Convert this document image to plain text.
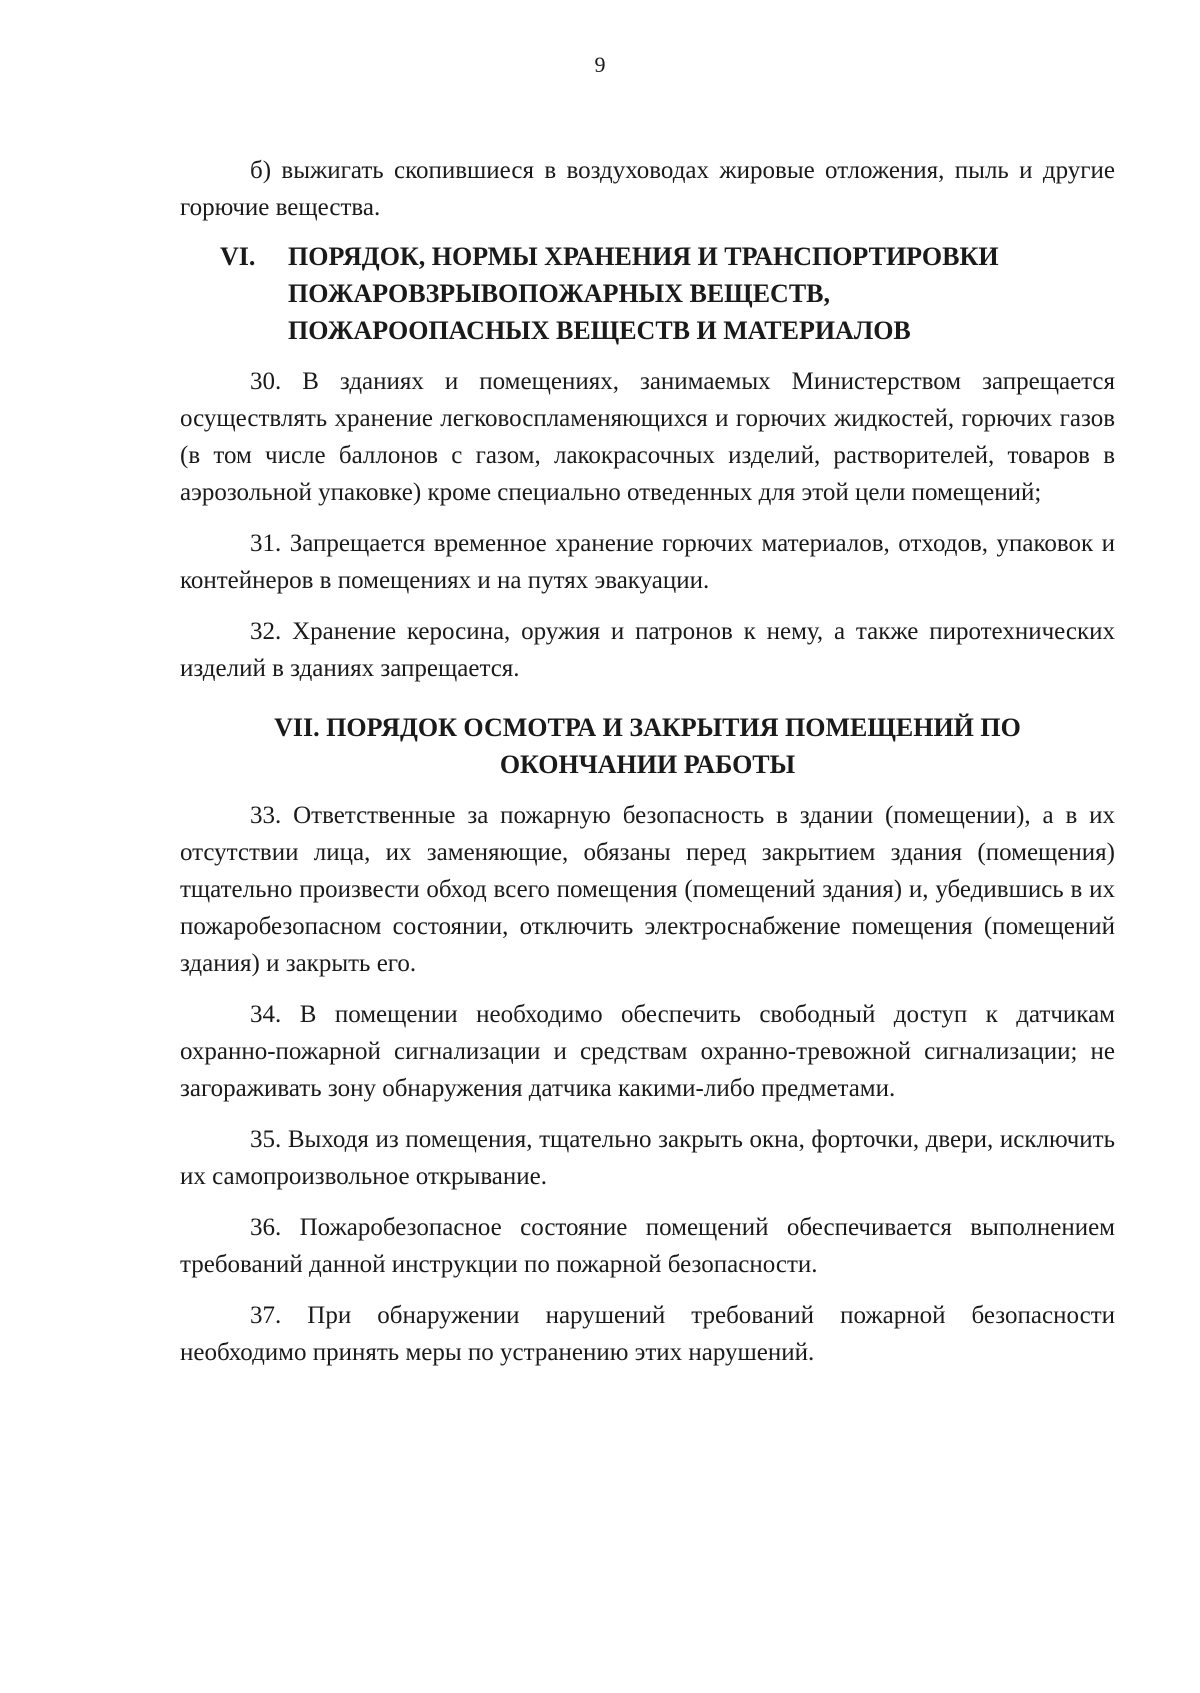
9

б) выжигать скопившиеся в воздуховодах жировые отложения, пыль и другие горючие вещества.

VI.	ПОРЯДОК, НОРМЫ ХРАНЕНИЯ И ТРАНСПОРТИРОВКИ
ПОЖАРОВЗРЫВОПОЖАРНЫХ ВЕЩЕСТВ,
ПОЖАРООПАСНЫХ ВЕЩЕСТВ И МАТЕРИАЛОВ

30. В зданиях и помещениях, занимаемых Министерством запрещается осуществлять хранение легковоспламеняющихся и горючих жидкостей, горючих газов (в том числе баллонов с газом, лакокрасочных изделий, растворителей, товаров в аэрозольной упаковке) кроме специально отведенных для этой цели помещений;

31. Запрещается временное хранение горючих материалов, отходов, упаковок и контейнеров в помещениях и на путях эвакуации.

32. Хранение керосина, оружия и патронов к нему, а также пиротехнических изделий в зданиях запрещается.

VII. ПОРЯДОК ОСМОТРА И ЗАКРЫТИЯ ПОМЕЩЕНИЙ ПО
ОКОНЧАНИИ РАБОТЫ

33. Ответственные за пожарную безопасность в здании (помещении), а в их отсутствии лица, их заменяющие, обязаны перед закрытием здания (помещения) тщательно произвести обход всего помещения (помещений здания) и, убедившись в их пожаробезопасном состоянии, отключить электроснабжение помещения (помещений здания) и закрыть его.

34. В помещении необходимо обеспечить свободный доступ к датчикам охранно-пожарной сигнализации и средствам охранно-тревожной сигнализации; не загораживать зону обнаружения датчика какими-либо предметами.

35. Выходя из помещения, тщательно закрыть окна, форточки, двери, исключить их самопроизвольное открывание.

36. Пожаробезопасное состояние помещений обеспечивается выполнением требований данной инструкции по пожарной безопасности.

37. При обнаружении нарушений требований пожарной безопасности необходимо принять меры по устранению этих нарушений.
